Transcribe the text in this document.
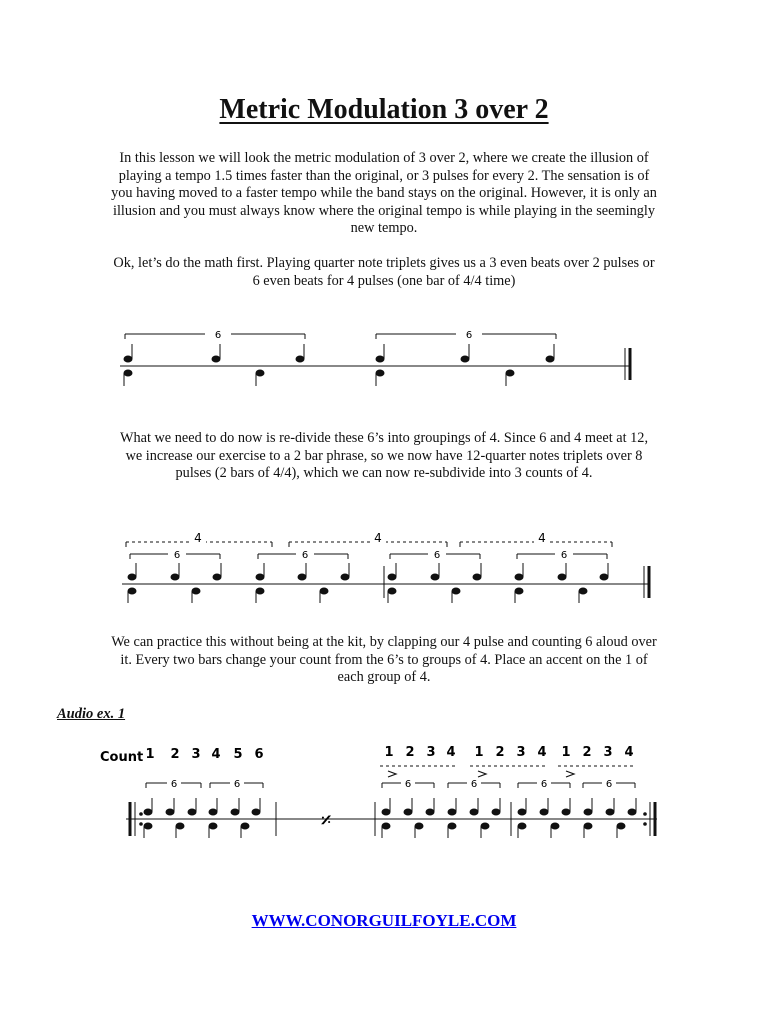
Metric Modulation 3 over 2
In this lesson we will look the metric modulation of 3 over 2, where we create the illusion of playing a tempo 1.5 times faster than the original, or 3 pulses for every 2. The sensation is of you having moved to a faster tempo while the band stays on the original. However, it is only an illusion and you must always know where the original tempo is while playing in the seemingly new tempo.
Ok, let’s do the math first. Playing quarter note triplets gives us a 3 even beats over 2 pulses or 6 even beats for 4 pulses (one bar of 4/4 time)
6	6
What we need to do now is re-divide these 6’s into groupings of 4. Since 6 and 4 meet at 12, we increase our exercise to a 2 bar phrase, so we now have 12-quarter notes triplets over 8 pulses (2 bars of 4/4), which we can now re-subdivide into 3 counts of 4.
4	4	4
6	6	6	6
We can practice this without being at the kit, by clapping our 4 pulse and counting 6 aloud over it. Every two bars change your count from the 6’s to groups of 4. Place an accent on the 1 of each group of 4.
Audio ex. 1
Count 1 2 3 4 5 6	1 2 3 4 1 2 3 4 1 2 3 4
6	6	6	6	6	6
𝄎
WWW.CONORGUILFOYLE.COM
